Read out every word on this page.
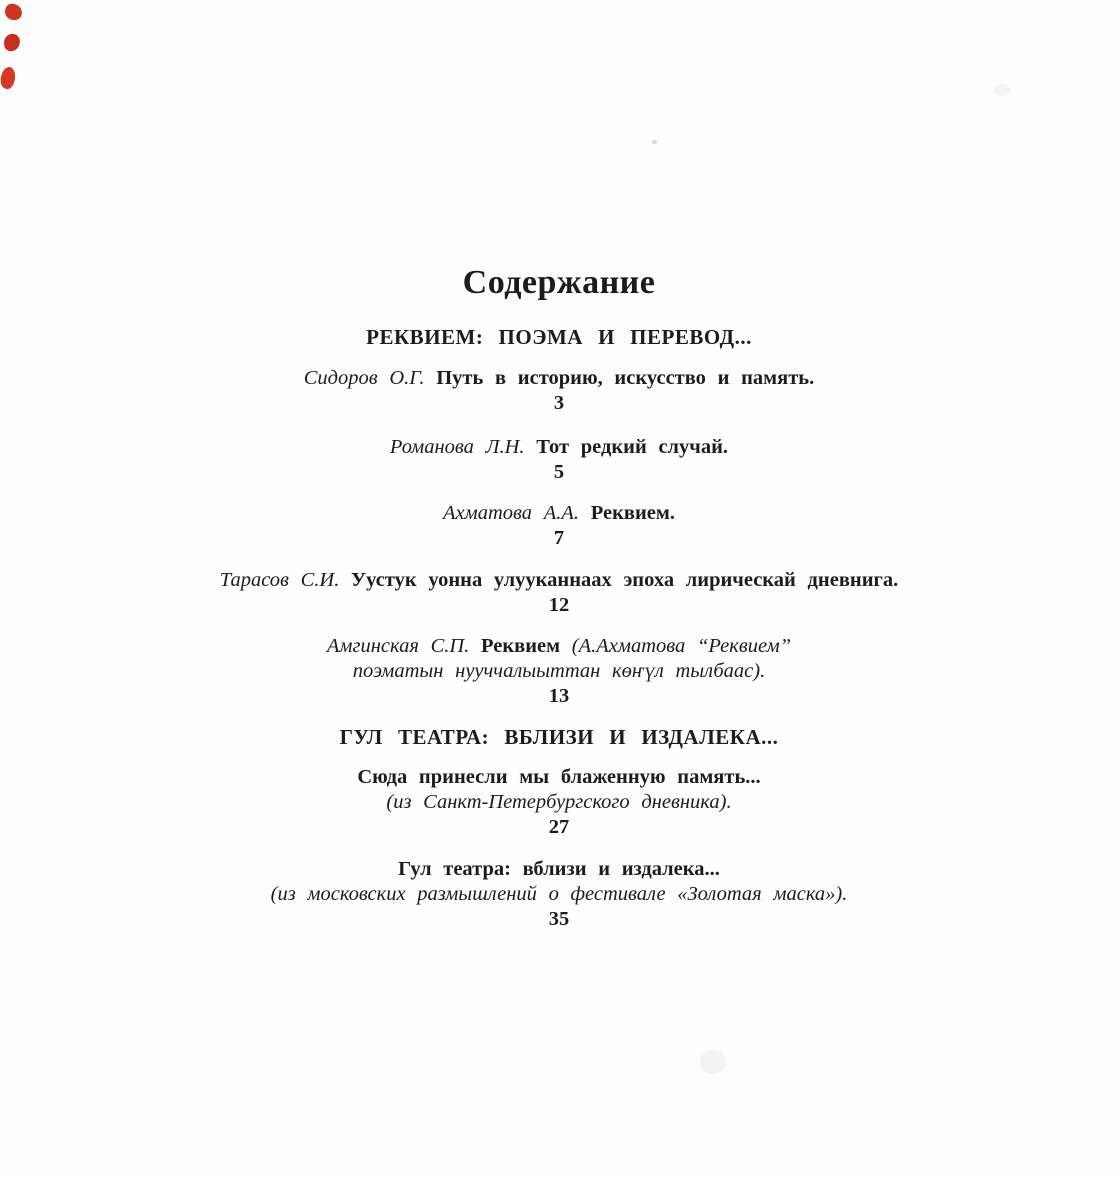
Содержание
РЕКВИЕМ: ПОЭМА И ПЕРЕВОД...
Сидоров О.Г. Путь в историю, искусство и память.
3
Романова Л.Н. Тот редкий случай.
5
Ахматова А.А. Реквием.
7
Тарасов С.И. Уустук уонна улууканнаах эпоха лирическай дневнига.
12
Амгинская С.П. Реквием (А.Ахматова “Реквием”
поэматын нууччалыыттан көҥүл тылбаас).
13
ГУЛ ТЕАТРА: ВБЛИЗИ И ИЗДАЛЕКА...
Сюда принесли мы блаженную память...
(из Санкт-Петербургского дневника).
27
Гул театра: вблизи и издалека...
(из московских размышлений о фестивале «Золотая маска»).
35
